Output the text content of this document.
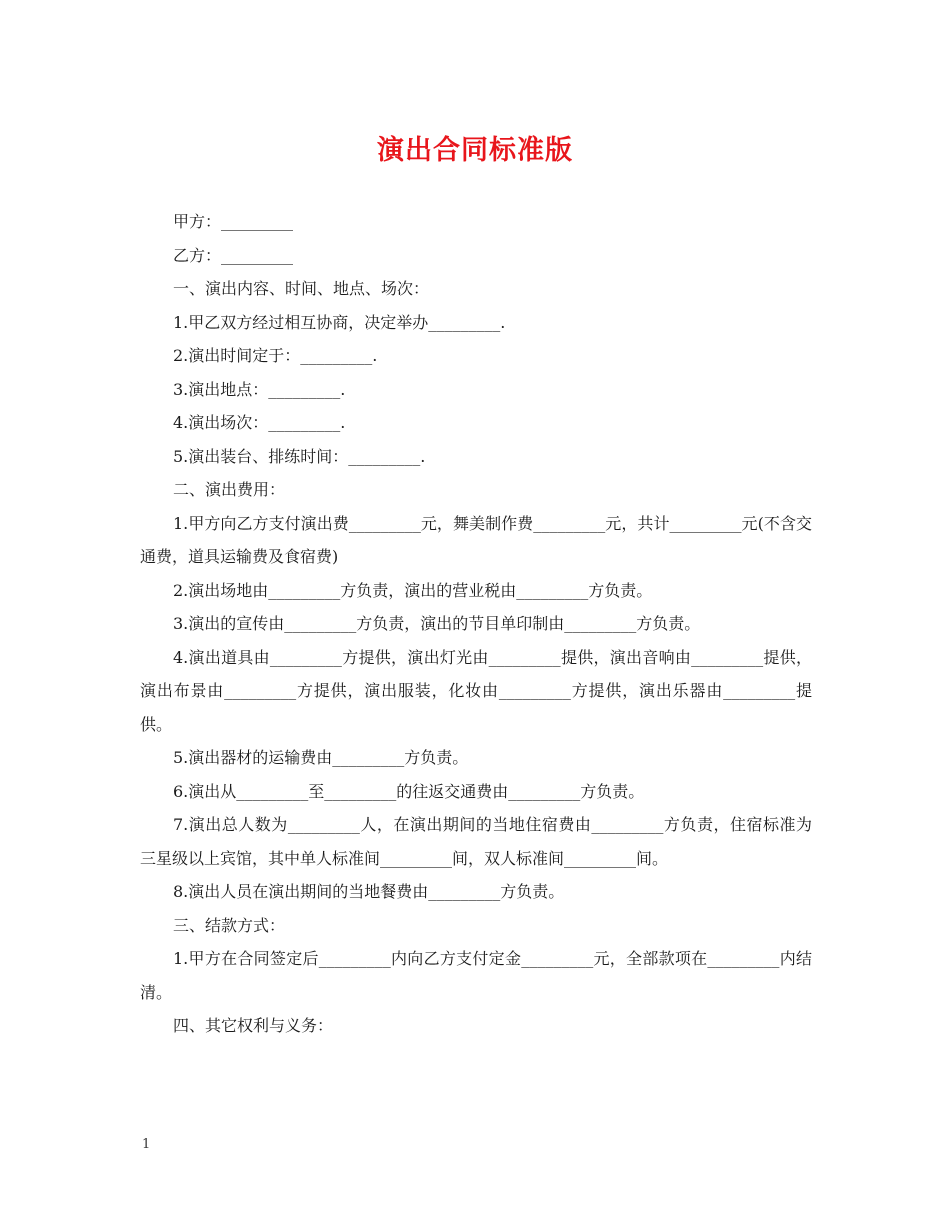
演出合同标准版

甲方：_________

乙方：_________

一、演出内容、时间、地点、场次：

1.甲乙双方经过相互协商，决定举办_________.

2.演出时间定于：_________.

3.演出地点：_________.

4.演出场次：_________.

5.演出装台、排练时间：_________.

二、演出费用：

1.甲方向乙方支付演出费_________元，舞美制作费_________元，共计_________元(不含交通费，道具运输费及食宿费)

2.演出场地由_________方负责，演出的营业税由_________方负责。

3.演出的宣传由_________方负责，演出的节目单印制由_________方负责。

4.演出道具由_________方提供，演出灯光由_________提供，演出音响由_________提供，演出布景由_________方提供，演出服装，化妆由_________方提供，演出乐器由_________提供。

5.演出器材的运输费由_________方负责。

6.演出从_________至_________的往返交通费由_________方负责。

7.演出总人数为_________人，在演出期间的当地住宿费由_________方负责，住宿标准为三星级以上宾馆，其中单人标准间_________间，双人标准间_________间。

8.演出人员在演出期间的当地餐费由_________方负责。

三、结款方式：

1.甲方在合同签定后_________内向乙方支付定金_________元，全部款项在_________内结清。

四、其它权利与义务：

1
